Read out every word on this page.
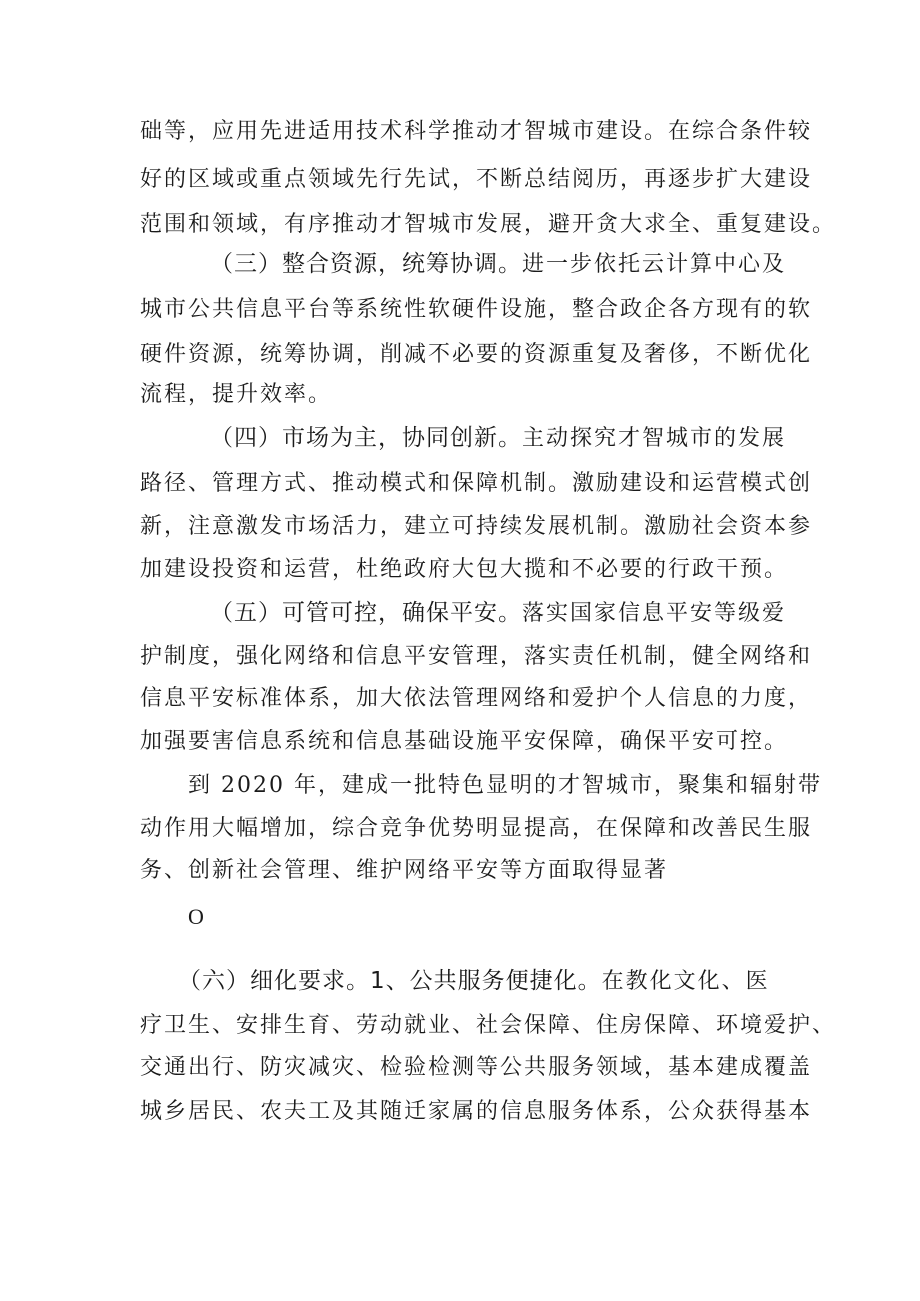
础等，应用先进适用技术科学推动才智城市建设。在综合条件较
好的区域或重点领域先行先试，不断总结阅历，再逐步扩大建设
范围和领域，有序推动才智城市发展，避开贪大求全、重复建设。
（三）整合资源，统筹协调。进一步依托云计算中心及
城市公共信息平台等系统性软硬件设施，整合政企各方现有的软
硬件资源，统筹协调，削减不必要的资源重复及奢侈，不断优化
流程，提升效率。
（四）市场为主，协同创新。主动探究才智城市的发展
路径、管理方式、推动模式和保障机制。激励建设和运营模式创
新，注意激发市场活力，建立可持续发展机制。激励社会资本参
加建设投资和运营，杜绝政府大包大揽和不必要的行政干预。
（五）可管可控，确保平安。落实国家信息平安等级爱
护制度，强化网络和信息平安管理，落实责任机制，健全网络和
信息平安标准体系，加大依法管理网络和爱护个人信息的力度，
加强要害信息系统和信息基础设施平安保障，确保平安可控。
到 2020 年，建成一批特色显明的才智城市，聚集和辐射带
动作用大幅增加，综合竞争优势明显提高，在保障和改善民生服
务、创新社会管理、维护网络平安等方面取得显著
O
（六）细化要求。1、公共服务便捷化。在教化文化、医
疗卫生、安排生育、劳动就业、社会保障、住房保障、环境爱护、
交通出行、防灾减灾、检验检测等公共服务领域，基本建成覆盖
城乡居民、农夫工及其随迁家属的信息服务体系，公众获得基本
